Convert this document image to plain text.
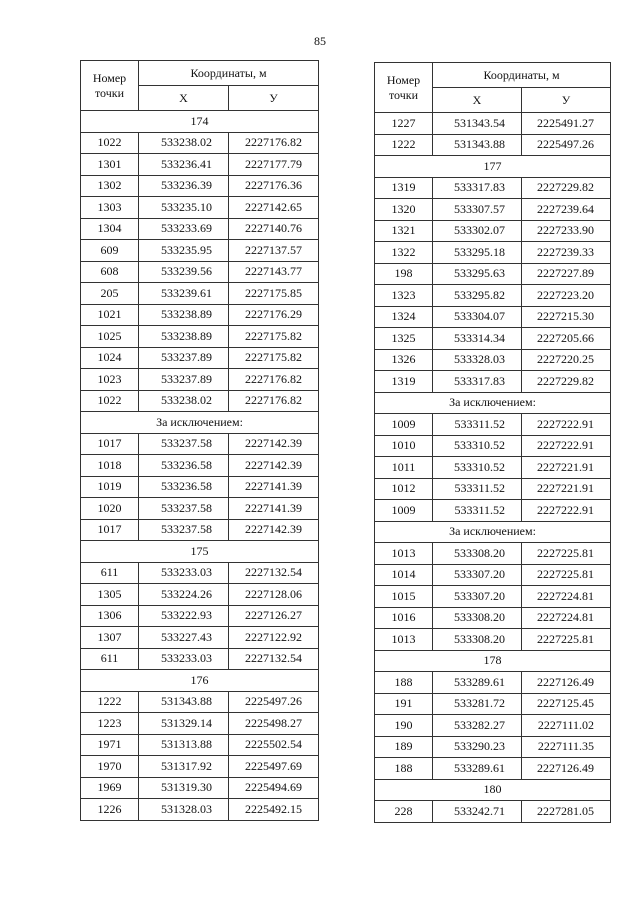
85
Номер
точки	Координаты, м	
	Х	У
174		
1022	533238.02	2227176.82
1301	533236.41	2227177.79
1302	533236.39	2227176.36
1303	533235.10	2227142.65
1304	533233.69	2227140.76
609	533235.95	2227137.57
608	533239.56	2227143.77
205	533239.61	2227175.85
1021	533238.89	2227176.29
1025	533238.89	2227175.82
1024	533237.89	2227175.82
1023	533237.89	2227176.82
1022	533238.02	2227176.82
За исключением:		
1017	533237.58	2227142.39
1018	533236.58	2227142.39
1019	533236.58	2227141.39
1020	533237.58	2227141.39
1017	533237.58	2227142.39
175		
611	533233.03	2227132.54
1305	533224.26	2227128.06
1306	533222.93	2227126.27
1307	533227.43	2227122.92
611	533233.03	2227132.54
176		
1222	531343.88	2225497.26
1223	531329.14	2225498.27
1971	531313.88	2225502.54
1970	531317.92	2225497.69
1969	531319.30	2225494.69
1226	531328.03	2225492.15
Номер
точки	Координаты, м	
	Х	У
1227	531343.54	2225491.27
1222	531343.88	2225497.26
177		
1319	533317.83	2227229.82
1320	533307.57	2227239.64
1321	533302.07	2227233.90
1322	533295.18	2227239.33
198	533295.63	2227227.89
1323	533295.82	2227223.20
1324	533304.07	2227215.30
1325	533314.34	2227205.66
1326	533328.03	2227220.25
1319	533317.83	2227229.82
За исключением:		
1009	533311.52	2227222.91
1010	533310.52	2227222.91
1011	533310.52	2227221.91
1012	533311.52	2227221.91
1009	533311.52	2227222.91
За исключением:		
1013	533308.20	2227225.81
1014	533307.20	2227225.81
1015	533307.20	2227224.81
1016	533308.20	2227224.81
1013	533308.20	2227225.81
178		
188	533289.61	2227126.49
191	533281.72	2227125.45
190	533282.27	2227111.02
189	533290.23	2227111.35
188	533289.61	2227126.49
180		
228	533242.71	2227281.05
